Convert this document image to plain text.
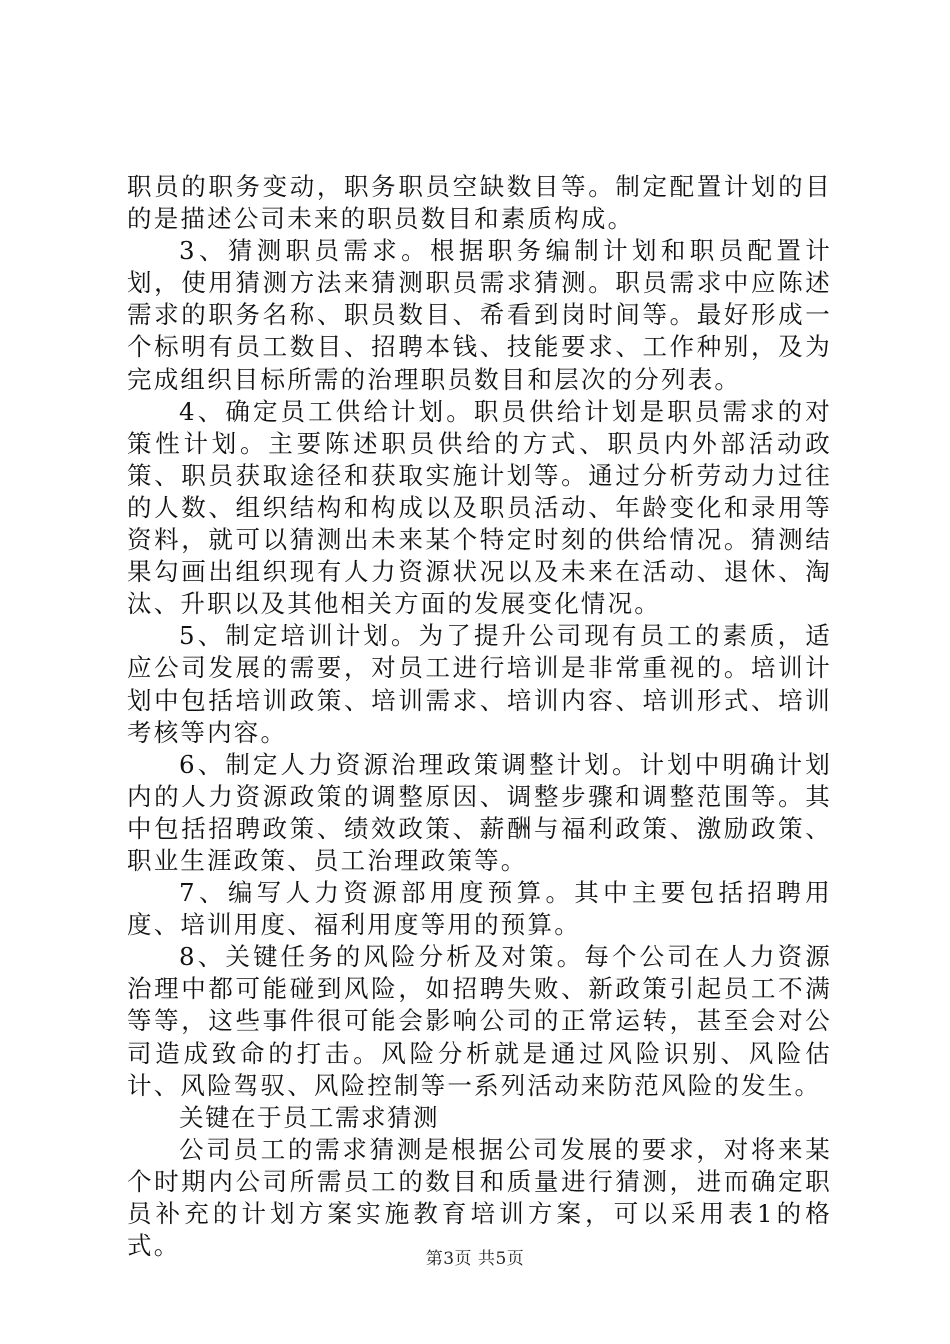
职员的职务变动，职务职员空缺数目等。制定配置计划的目的是描述公司未来的职员数目和素质构成。

3、猜测职员需求。根据职务编制计划和职员配置计划，使用猜测方法来猜测职员需求猜测。职员需求中应陈述需求的职务名称、职员数目、希看到岗时间等。最好形成一个标明有员工数目、招聘本钱、技能要求、工作种别，及为完成组织目标所需的治理职员数目和层次的分列表。

4、确定员工供给计划。职员供给计划是职员需求的对策性计划。主要陈述职员供给的方式、职员内外部活动政策、职员获取途径和获取实施计划等。通过分析劳动力过往的人数、组织结构和构成以及职员活动、年龄变化和录用等资料，就可以猜测出未来某个特定时刻的供给情况。猜测结果勾画出组织现有人力资源状况以及未来在活动、退休、淘汰、升职以及其他相关方面的发展变化情况。

5、制定培训计划。为了提升公司现有员工的素质，适应公司发展的需要，对员工进行培训是非常重视的。培训计划中包括培训政策、培训需求、培训内容、培训形式、培训考核等内容。

6、制定人力资源治理政策调整计划。计划中明确计划内的人力资源政策的调整原因、调整步骤和调整范围等。其中包括招聘政策、绩效政策、薪酬与福利政策、激励政策、职业生涯政策、员工治理政策等。

7、编写人力资源部用度预算。其中主要包括招聘用度、培训用度、福利用度等用的预算。

8、关键任务的风险分析及对策。每个公司在人力资源治理中都可能碰到风险，如招聘失败、新政策引起员工不满等等，这些事件很可能会影响公司的正常运转，甚至会对公司造成致命的打击。风险分析就是通过风险识别、风险估计、风险驾驭、风险控制等一系列活动来防范风险的发生。

关键在于员工需求猜测

公司员工的需求猜测是根据公司发展的要求，对将来某个时期内公司所需员工的数目和质量进行猜测，进而确定职员补充的计划方案实施教育培训方案，可以采用表1的格式。	第3页 共5页
